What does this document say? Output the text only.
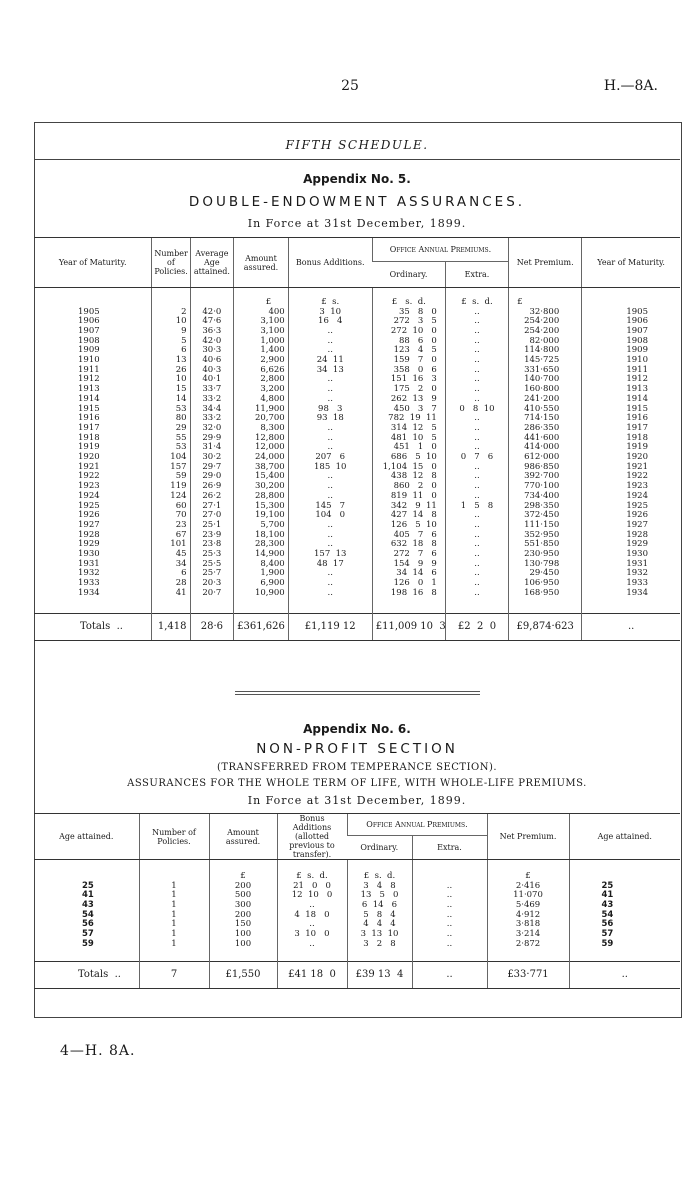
25	H.—8A.
FIFTH SCHEDULE.
Appendix No. 5.
DOUBLE-ENDOWMENT ASSURANCES.
In Force at 31st December, 1899.
Year of Maturity.	Number of Policies.	Average Age attained.	Amount assured.	Bonus Additions.	Office Annual Premiums.		Net Premium.	Year of Maturity.
					Ordinary.	Extra.		
			£	£  s.	£   s.  d.	£  s.  d.	£	
1905	2	42·0	400	3  10	35   8   0	..	32·800	1905
1906	10	47·6	3,100	16   4	272   3   5	..	254·200	1906
1907	9	36·3	3,100	..	272  10   0	..	254·200	1907
1908	5	42·0	1,000	..	88   6   0	..	82·000	1908
1909	6	30·3	1,400	..	123   4   5	..	114·800	1909
1910	13	40·6	2,900	24  11	159   7   0	..	145·725	1910
1911	26	40·3	6,626	34  13	358   0   6	..	331·650	1911
1912	10	40·1	2,800	..	151  16   3	..	140·700	1912
1913	15	33·7	3,200	..	175   2   0	..	160·800	1913
1914	14	33·2	4,800	..	262  13   9	..	241·200	1914
1915	53	34·4	11,900	98   3	450   3   7	0   8  10	410·550	1915
1916	80	33·2	20,700	93  18	782  19  11	..	714·150	1916
1917	29	32·0	8,300	..	314  12   5	..	286·350	1917
1918	55	29·9	12,800	..	481  10   5	..	441·600	1918
1919	53	31·4	12,000	..	451   1   0	..	414·000	1919
1920	104	30·2	24,000	207   6	686   5  10	0   7   6	612·000	1920
1921	157	29·7	38,700	185  10	1,104  15   0	..	986·850	1921
1922	59	29·0	15,400	..	438  12   8	..	392·700	1922
1923	119	26·9	30,200	..	860   2   0	..	770·100	1923
1924	124	26·2	28,800	..	819  11   0	..	734·400	1924
1925	60	27·1	15,300	145   7	342   9  11	1   5   8	298·350	1925
1926	70	27·0	19,100	104   0	427  14   8	..	372·450	1926
1927	23	25·1	5,700	..	126   5  10	..	111·150	1927
1928	67	23·9	18,100	..	405   7   6	..	352·950	1928
1929	101	23·8	28,300	..	632  18   8	..	551·850	1929
1930	45	25·3	14,900	157  13	272   7   6	..	230·950	1930
1931	34	25·5	8,400	48  17	154   9   9	..	130·798	1931
1932	6	25·7	1,900	..	34  14   6	..	29·450	1932
1933	28	20·3	6,900	..	126   0   1	..	106·950	1933
1934	41	20·7	10,900	..	198  16   8	..	168·950	1934
Totals ..	1,418	28·6	£361,626	£1,119 12	£11,009 10  3	£2  2  0	£9,874·623	..
Appendix No. 6.
NON-PROFIT SECTION
(TRANSFERRED FROM TEMPERANCE SECTION).
ASSURANCES FOR THE WHOLE TERM OF LIFE, WITH WHOLE-LIFE PREMIUMS.
In Force at 31st December, 1899.
Age attained.	Number of Policies.	Amount assured.	Bonus Additions (allotted previous to transfer).	Office Annual Premiums.		Net Premium.	Age attained.
				Ordinary.	Extra.		
		£	£  s.  d.	£  s.  d.		£	
25	1	200	21   0   0	3   4   8	..	2·416	25
41	1	500	12  10   0	13   5   0	..	11·070	41
43	1	300	..	6  14   6	..	5·469	43
54	1	200	4  18   0	5   8   4	..	4·912	54
56	1	150	..	4   4   4	..	3·818	56
57	1	100	3  10   0	3  13  10	..	3·214	57
59	1	100	..	3   2   8	..	2·872	59
Totals ..	7	£1,550	£41 18  0	£39 13  4	..	£33·771	..
4—H. 8A.
